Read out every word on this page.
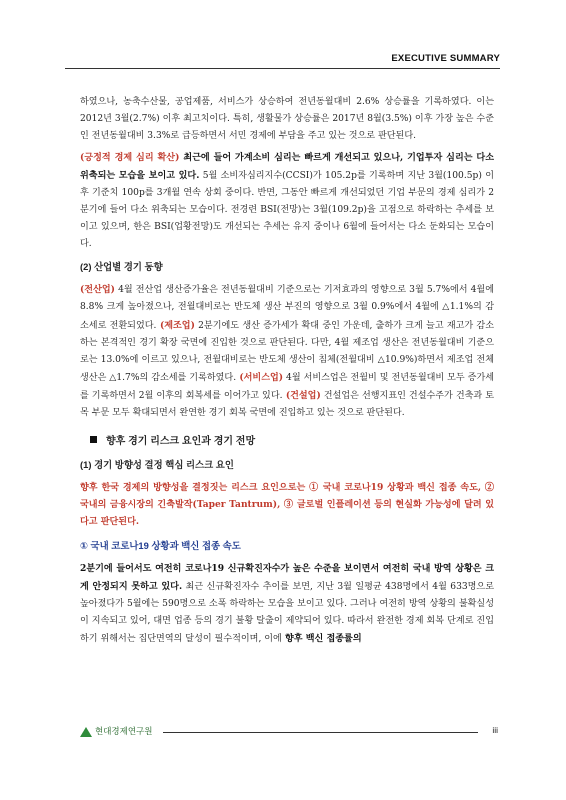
EXECUTIVE SUMMARY

하였으나, 농축수산물, 공업제품, 서비스가 상승하여 전년동월대비 2.6% 상승률을 기록하였다. 이는 2012년 3월(2.7%) 이후 최고치이다. 특히, 생활물가 상승률은 2017년 8월(3.5%) 이후 가장 높은 수준인 전년동월대비 3.3%로 급등하면서 서민 경제에 부담을 주고 있는 것으로 판단된다.

(긍정적 경제 심리 확산) 최근에 들어 가계소비 심리는 빠르게 개선되고 있으나, 기업투자 심리는 다소 위축되는 모습을 보이고 있다. 5월 소비자심리지수(CCSI)가 105.2p를 기록하며 지난 3월(100.5p) 이후 기준치 100p를 3개월 연속 상회 중이다. 반면, 그동안 빠르게 개선되었던 기업 부문의 경제 심리가 2분기에 들어 다소 위축되는 모습이다. 전경련 BSI(전망)는 3월(109.2p)을 고점으로 하락하는 추세를 보이고 있으며, 한은 BSI(업황전망)도 개선되는 추세는 유지 중이나 6월에 들어서는 다소 둔화되는 모습이다.

(2) 산업별 경기 동향

(전산업) 4월 전산업 생산증가율은 전년동월대비 기준으로는 기저효과의 영향으로 3월 5.7%에서 4월에 8.8% 크게 높아졌으나, 전월대비로는 반도체 생산 부진의 영향으로 3월 0.9%에서 4월에 △1.1%의 감소세로 전환되었다. (제조업) 2분기에도 생산 증가세가 확대 중인 가운데, 출하가 크게 늘고 재고가 감소하는 본격적인 경기 확장 국면에 진입한 것으로 판단된다. 다만, 4월 제조업 생산은 전년동월대비 기준으로는 13.0%에 이르고 있으나, 전월대비로는 반도체 생산이 침체(전월대비 △10.9%)하면서 제조업 전체 생산은 △1.7%의 감소세를 기록하였다. (서비스업) 4월 서비스업은 전월비 및 전년동월대비 모두 증가세를 기록하면서 2월 이후의 회복세를 이어가고 있다. (건설업) 건설업은 선행지표인 건설수주가 건축과 토목 부문 모두 확대되면서 완연한 경기 회복 국면에 진입하고 있는 것으로 판단된다.

향후 경기 리스크 요인과 경기 전망
(1) 경기 방향성 결정 핵심 리스크 요인

향후 한국 경제의 방향성을 결정짓는 리스크 요인으로는 ① 국내 코로나19 상황과 백신 접종 속도, ② 국내의 금융시장의 긴축발작(Taper Tantrum), ③ 글로벌 인플레이션 등의 현실화 가능성에 달려 있다고 판단된다.

① 국내 코로나19 상황과 백신 접종 속도

2분기에 들어서도 여전히 코로나19 신규확진자수가 높은 수준을 보이면서 여전히 국내 방역 상황은 크게 안정되지 못하고 있다. 최근 신규확진자수 추이를 보면, 지난 3월 일평균 438명에서 4월 633명으로 높아졌다가 5월에는 590명으로 소폭 하락하는 모습을 보이고 있다. 그러나 여전히 방역 상황의 불확실성이 지속되고 있어, 대면 업종 등의 경기 불황 탈출이 제약되어 있다. 따라서 완전한 경제 회복 단계로 진입하기 위해서는 집단면역의 달성이 필수적이며, 이에 향후 백신 접종률의

현대경제연구원	iii
